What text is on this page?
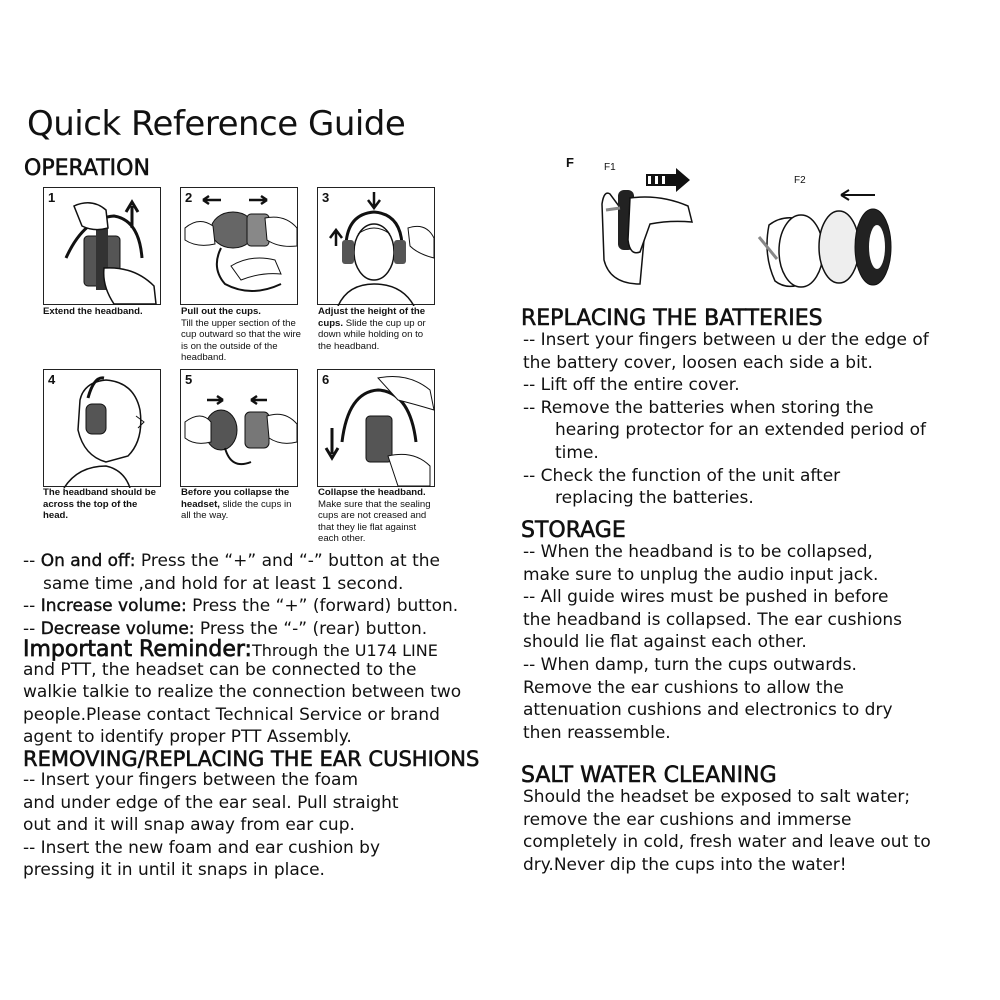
Quick Reference Guide
OPERATION
1	2	3
Extend the headband.	Pull out the cups.
Till the upper section of the cup outward so that the wire is on the outside of the headband.
Adjust the height of the cups. Slide the cup up or down while holding on to the headband.
4	5	6
The headband should be across the top of the head.
Before you collapse the headset, slide the cups in all the way.
Collapse the headband.
Make sure that the sealing cups are not creased and that they lie flat against each other.
-- On and off: Press the “+” and “-” button at the
same time ,and hold for at least 1 second.
-- Increase volume: Press the “+” (forward) button.
-- Decrease volume: Press the “-” (rear) button.
Important Reminder:Through the U174 LINE
and PTT, the headset can be connected to the
walkie talkie to realize the connection between two
people.Please contact Technical Service or brand
agent to identify proper PTT Assembly.
REMOVING/REPLACING THE EAR CUSHIONS
-- Insert your fingers between the foam
and under edge of the ear seal. Pull straight
out and it will snap away from ear cup.
-- Insert the new foam and ear cushion by
pressing it in until it snaps in place.
F	F1
F2
REPLACING THE BATTERIES
-- Insert your fingers between u der the edge of
the battery cover, loosen each side a bit.
-- Lift off the entire cover.
-- Remove the batteries when storing the
hearing protector for an extended period of
time.
-- Check the function of the unit after
replacing the batteries.
STORAGE
-- When the headband is to be collapsed,
make sure to unplug the audio input jack.
-- All guide wires must be pushed in before
the headband is collapsed. The ear cushions
should lie flat against each other.
-- When damp, turn the cups outwards.
Remove the ear cushions to allow the
attenuation cushions and electronics to dry
then reassemble.
SALT WATER CLEANING
Should the headset be exposed to salt water;
remove the ear cushions and immerse
completely in cold, fresh water and leave out to
dry.Never dip the cups into the water!
